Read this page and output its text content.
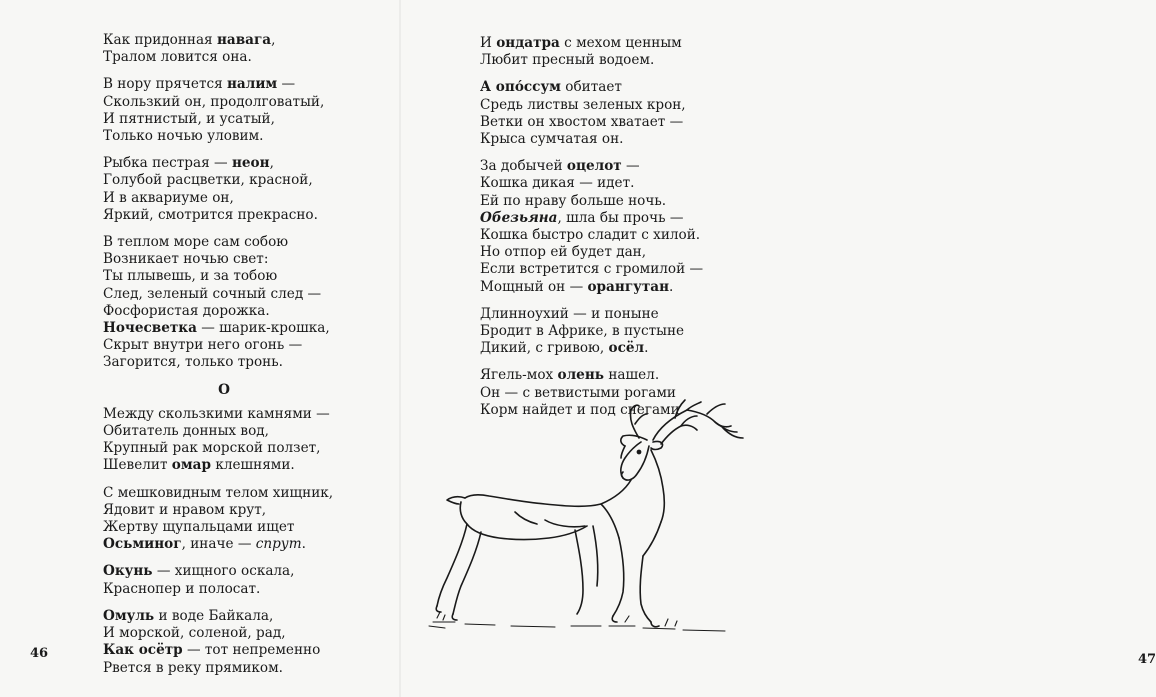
Как придонная навага,
Тралом ловится она.
В нору прячется налим —
Скользкий он, продолговатый,
И пятнистый, и усатый,
Только ночью уловим.
Рыбка пестрая — неон,
Голубой расцветки, красной,
И в аквариуме он,
Яркий, смотрится прекрасно.
В теплом море сам собою
Возникает ночью свет:
Ты плывешь, и за тобою
След, зеленый сочный след —
Фосфористая дорожка.
Ночесветка — шарик-крошка,
Скрыт внутри него огонь —
Загорится, только тронь.
О
Между скользкими камнями —
Обитатель донных вод,
Крупный рак морской ползет,
Шевелит омар клешнями.
С мешковидным телом хищник,
Ядовит и нравом крут,
Жертву щупальцами ищет
Осьминог, иначе — спрут.
Окунь — хищного оскала,
Краснопер и полосат.
Омуль и воде Байкала,
И морской, соленой, рад,
Как осётр — тот непременно
Рвется в реку прямиком.
46
И ондатра с мехом ценным
Любит пресный водоем.
А опо́ссум обитает
Средь листвы зеленых крон,
Ветки он хвостом хватает —
Крыса сумчатая он.
За добычей оцелот —
Кошка дикая — идет.
Ей по нраву больше ночь.
Обезьяна, шла бы прочь —
Кошка быстро сладит с хилой.
Но отпор ей будет дан,
Если встретится с громилой —
Мощный он — орангутан.
Длинноухий — и поныне
Бродит в Африке, в пустыне
Дикий, с гривою, осёл.
Ягель-мох олень нашел.
Он — с ветвистыми рогами
Корм найдет и под снегами
47
